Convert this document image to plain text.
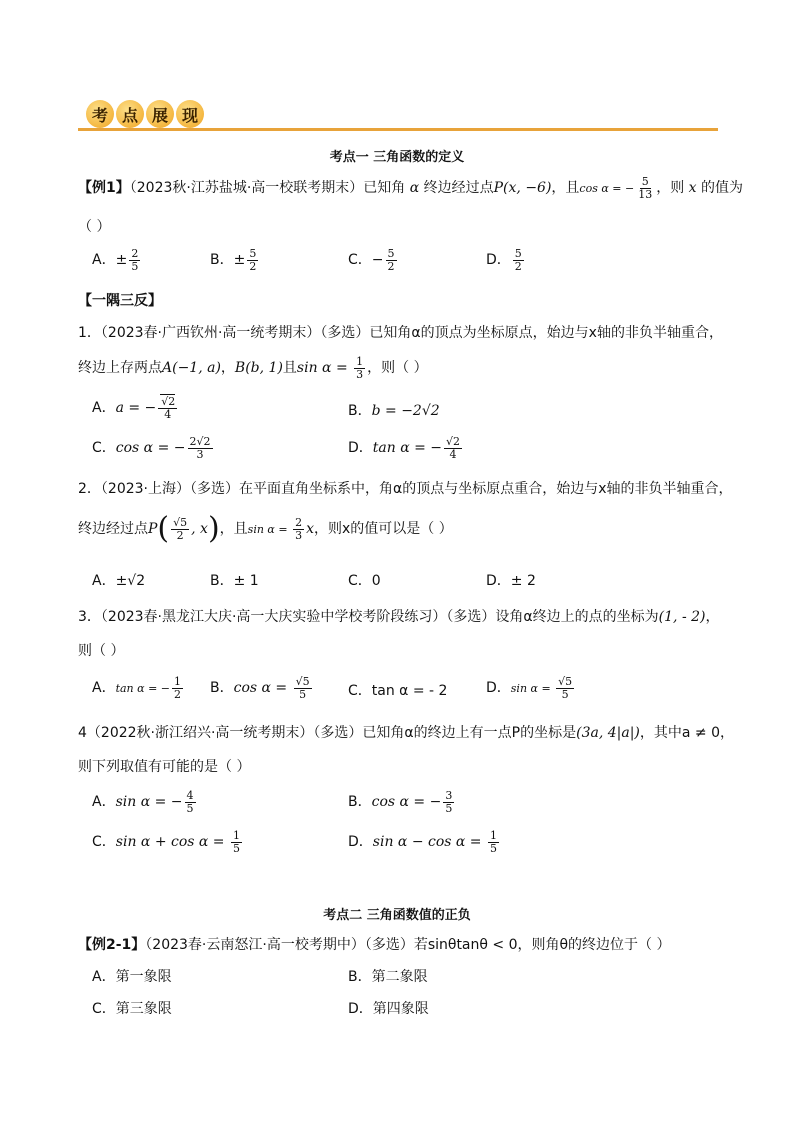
考 点 展 现
考点一 三角函数的定义
【例1】（2023秋·江苏盐城·高一校联考期末）已知角 α 终边经过点P(x, −6)，且cos α = − $\frac{5}{13}$ ，则 x 的值为
（ ）
A．± $\frac{2}{5}$	B．± $\frac{5}{2}$	C．− $\frac{5}{2}$	D． $\frac{5}{2}$
【一隅三反】
1．（2023春·广西钦州·高一统考期末）（多选）已知角α的顶点为坐标原点，始边与x轴的非负半轴重合，
终边上存两点A(−1, a)，B(b, 1)且$\sin \alpha = \frac{1}{3}$ ，则（ ）
A．a = − $\frac{√2}{4}$	B．b = −2√2
C．cos α = − $\frac{2√2}{3}$	D．tan α = − $\frac{√2}{4}$
2．（2023·上海）（多选）在平面直角坐标系中，角α的顶点与坐标原点重合，始边与x轴的非负半轴重合，
终边经过点$P( \frac{√5}{2}$ , x)，且$\sin \alpha = \frac{2}{3}$ x，则x的值可以是（ ）
A．±√2	B．± 1	C．0	D．± 2
3．（2023春·黑龙江大庆·高一大庆实验中学校考阶段练习）（多选）设角α终边上的点的坐标为(1, - 2)，
则（ ）
A．tan α = − $\frac{1}{2}$ B．$\cos \alpha = \frac{√5}{5}$	C．tan α = - 2	D．$\sin \alpha = \frac{√5}{5}$
4（2022秋·浙江绍兴·高一统考期末）（多选）已知角α的终边上有一点P的坐标是(3a, 4|a|)，其中a ≠ 0，
则下列取值有可能的是（ ）
A．sin α = − $\frac{4}{5}$	B．cos α = − $\frac{3}{5}$
C．$\sin \alpha + \cos \alpha = \frac{1}{5}$	D．$\sin \alpha - \cos \alpha = \frac{1}{5}$
考点二 三角函数值的正负
【例2-1】（2023春·云南怒江·高一校考期中）（多选）若sinθtanθ < 0，则角θ的终边位于（ ）
A．第一象限	B．第二象限
C．第三象限	D．第四象限
